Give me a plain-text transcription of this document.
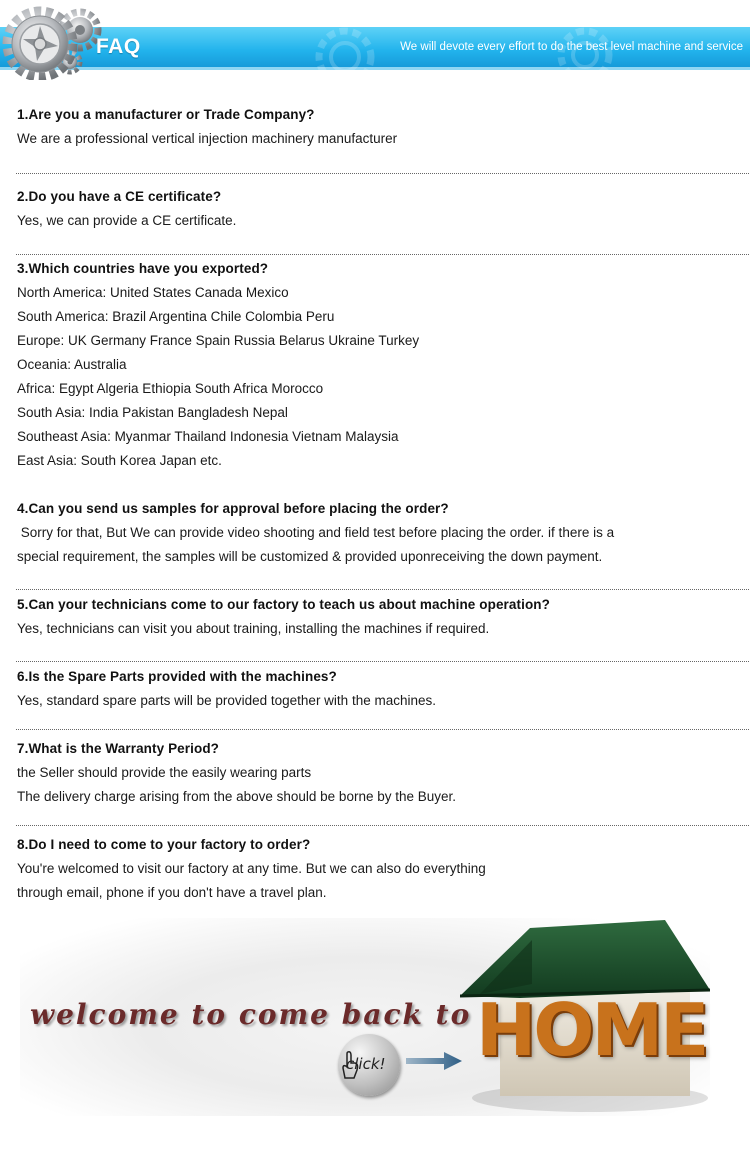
FAQ	We will devote every effort to do the best level machine and service
1.Are you a manufacturer or Trade Company?

We are a professional vertical injection machinery manufacturer

2.Do you have a CE certificate?

Yes, we can provide a CE certificate.

3.Which countries have you exported?

North America: United States Canada Mexico

South America: Brazil Argentina Chile Colombia Peru

Europe: UK Germany France Spain Russia Belarus Ukraine Turkey

Oceania: Australia

Africa: Egypt Algeria Ethiopia South Africa Morocco

South Asia: India Pakistan Bangladesh Nepal

Southeast Asia: Myanmar Thailand Indonesia Vietnam Malaysia

East Asia: South Korea Japan etc.

4.Can you send us samples for approval before placing the order?

Sorry for that, But We can provide video shooting and field test before placing the order. if there is a

special requirement, the samples will be customized & provided uponreceiving the down payment.

5.Can your technicians come to our factory to teach us about machine operation?

Yes, technicians can visit you about training, installing the machines if required.

6.Is the Spare Parts provided with the machines?

Yes, standard spare parts will be provided together with the machines.

7.What is the Warranty Period?

the Seller should provide the easily wearing parts

The delivery charge arising from the above should be borne by the Buyer.

8.Do I need to come to your factory to order?

You're welcomed to visit our factory at any time. But we can also do everything

through email, phone if you don't have a travel plan.

welcome to come back to HOME
click!
